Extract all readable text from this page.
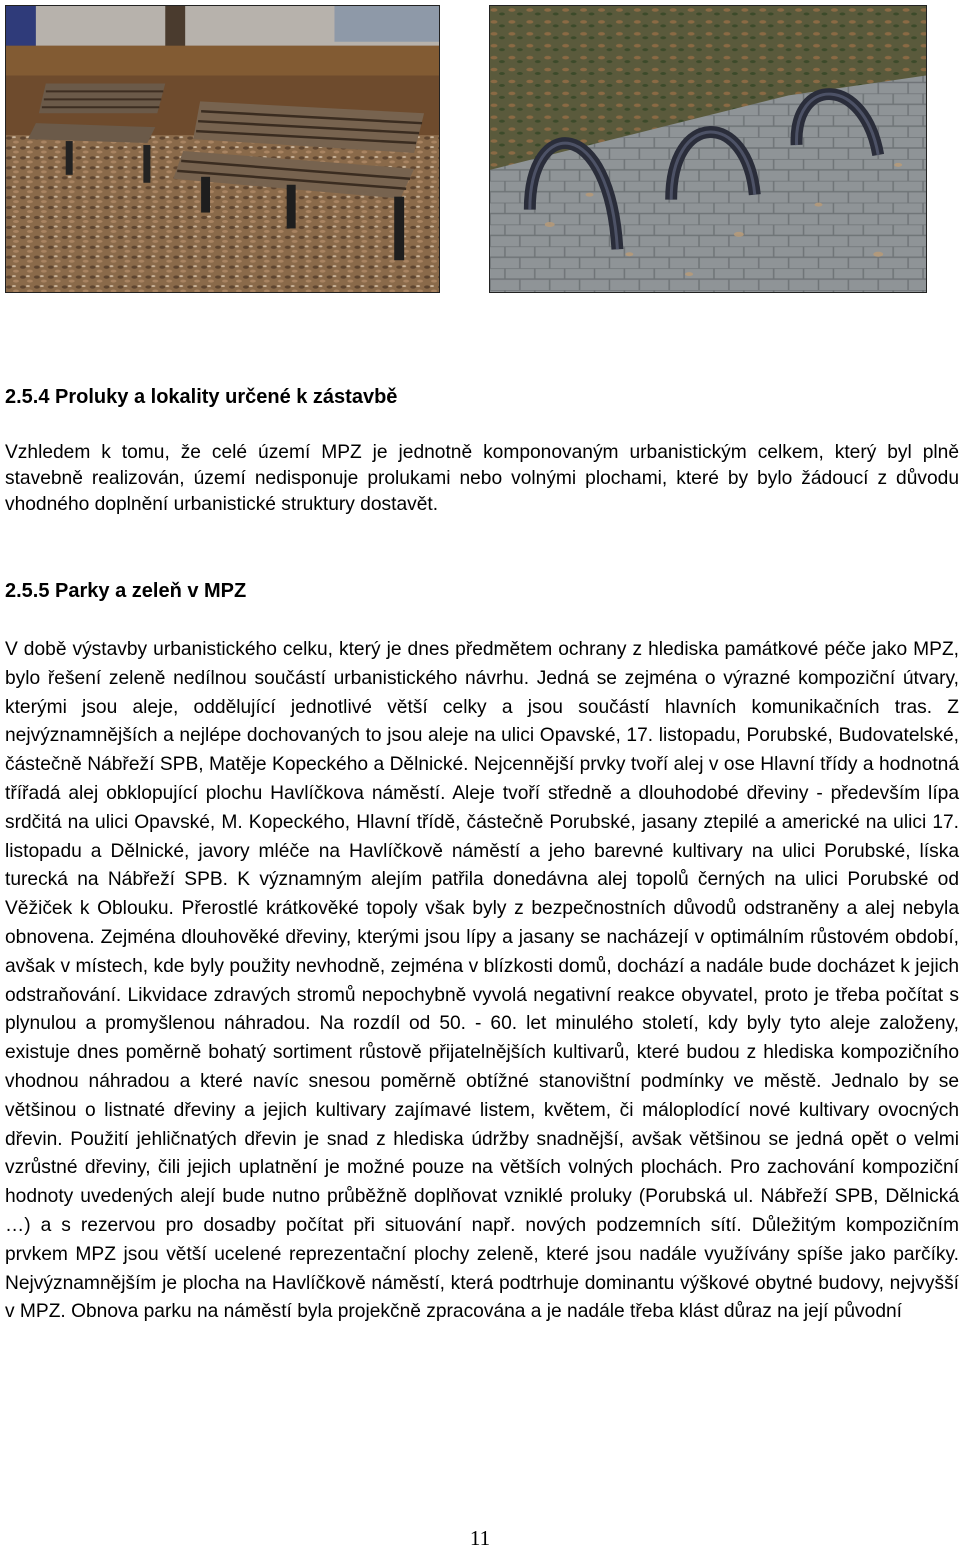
2.5.4 Proluky a lokality určené k zástavbě

Vzhledem k tomu, že celé území MPZ je jednotně komponovaným urbanistickým celkem, který byl plně stavebně realizován, území nedisponuje prolukami nebo volnými plochami, které by bylo žádoucí z důvodu vhodného doplnění urbanistické struktury dostavět.

2.5.5 Parky a zeleň v MPZ

V době výstavby urbanistického celku, který je dnes předmětem ochrany z hlediska památkové péče jako MPZ, bylo řešení zeleně nedílnou součástí urbanistického návrhu. Jedná se zejména o výrazné kompoziční útvary, kterými jsou aleje, oddělující jednotlivé větší celky a jsou součástí hlavních komunikačních tras. Z nejvýznamnějších a nejlépe dochovaných to jsou aleje na ulici Opavské, 17. listopadu, Porubské, Budovatelské, částečně Nábřeží SPB, Matěje Kopeckého a Dělnické. Nejcennější prvky tvoří alej v ose Hlavní třídy a hodnotná třířadá alej obklopující plochu Havlíčkova náměstí. Aleje tvoří středně a dlouhodobé dřeviny - především lípa srdčitá na ulici Opavské, M. Kopeckého, Hlavní třídě, částečně Porubské, jasany ztepilé a americké na ulici 17. listopadu a Dělnické, javory mléče na Havlíčkově náměstí a jeho barevné kultivary na ulici Porubské, líska turecká na Nábřeží SPB. K významným alejím patřila donedávna alej topolů černých na ulici Porubské od Věžiček k Oblouku. Přerostlé krátkověké topoly však byly z bezpečnostních důvodů odstraněny a alej nebyla obnovena. Zejména dlouhověké dřeviny, kterými jsou lípy a jasany se nacházejí v optimálním růstovém období, avšak v místech, kde byly použity nevhodně, zejména v blízkosti domů, dochází a nadále bude docházet k jejich odstraňování. Likvidace zdravých stromů nepochybně vyvolá negativní reakce obyvatel, proto je třeba počítat s plynulou a promyšlenou náhradou. Na rozdíl od 50. - 60. let minulého století, kdy byly tyto aleje založeny, existuje dnes poměrně bohatý sortiment růstově přijatelnějších kultivarů, které budou z hlediska kompozičního vhodnou náhradou a které navíc snesou poměrně obtížné stanovištní podmínky ve městě. Jednalo by se většinou o listnaté dřeviny a jejich kultivary zajímavé listem, květem, či máloplodící nové kultivary ovocných dřevin. Použití jehličnatých dřevin je snad z hlediska údržby snadnější, avšak většinou se jedná opět o velmi vzrůstné dřeviny, čili jejich uplatnění je možné pouze na větších volných plochách. Pro zachování kompoziční hodnoty uvedených alejí bude nutno průběžně doplňovat vzniklé proluky (Porubská ul. Nábřeží SPB, Dělnická …) a s rezervou pro dosadby počítat při situování např. nových podzemních sítí. Důležitým kompozičním prvkem MPZ jsou větší ucelené reprezentační plochy zeleně, které jsou nadále využívány spíše jako parčíky. Nejvýznamnějším je plocha na Havlíčkově náměstí, která podtrhuje dominantu výškové obytné budovy, nejvyšší v MPZ. Obnova parku na náměstí byla projekčně zpracována a je nadále třeba klást důraz na její původní

11
